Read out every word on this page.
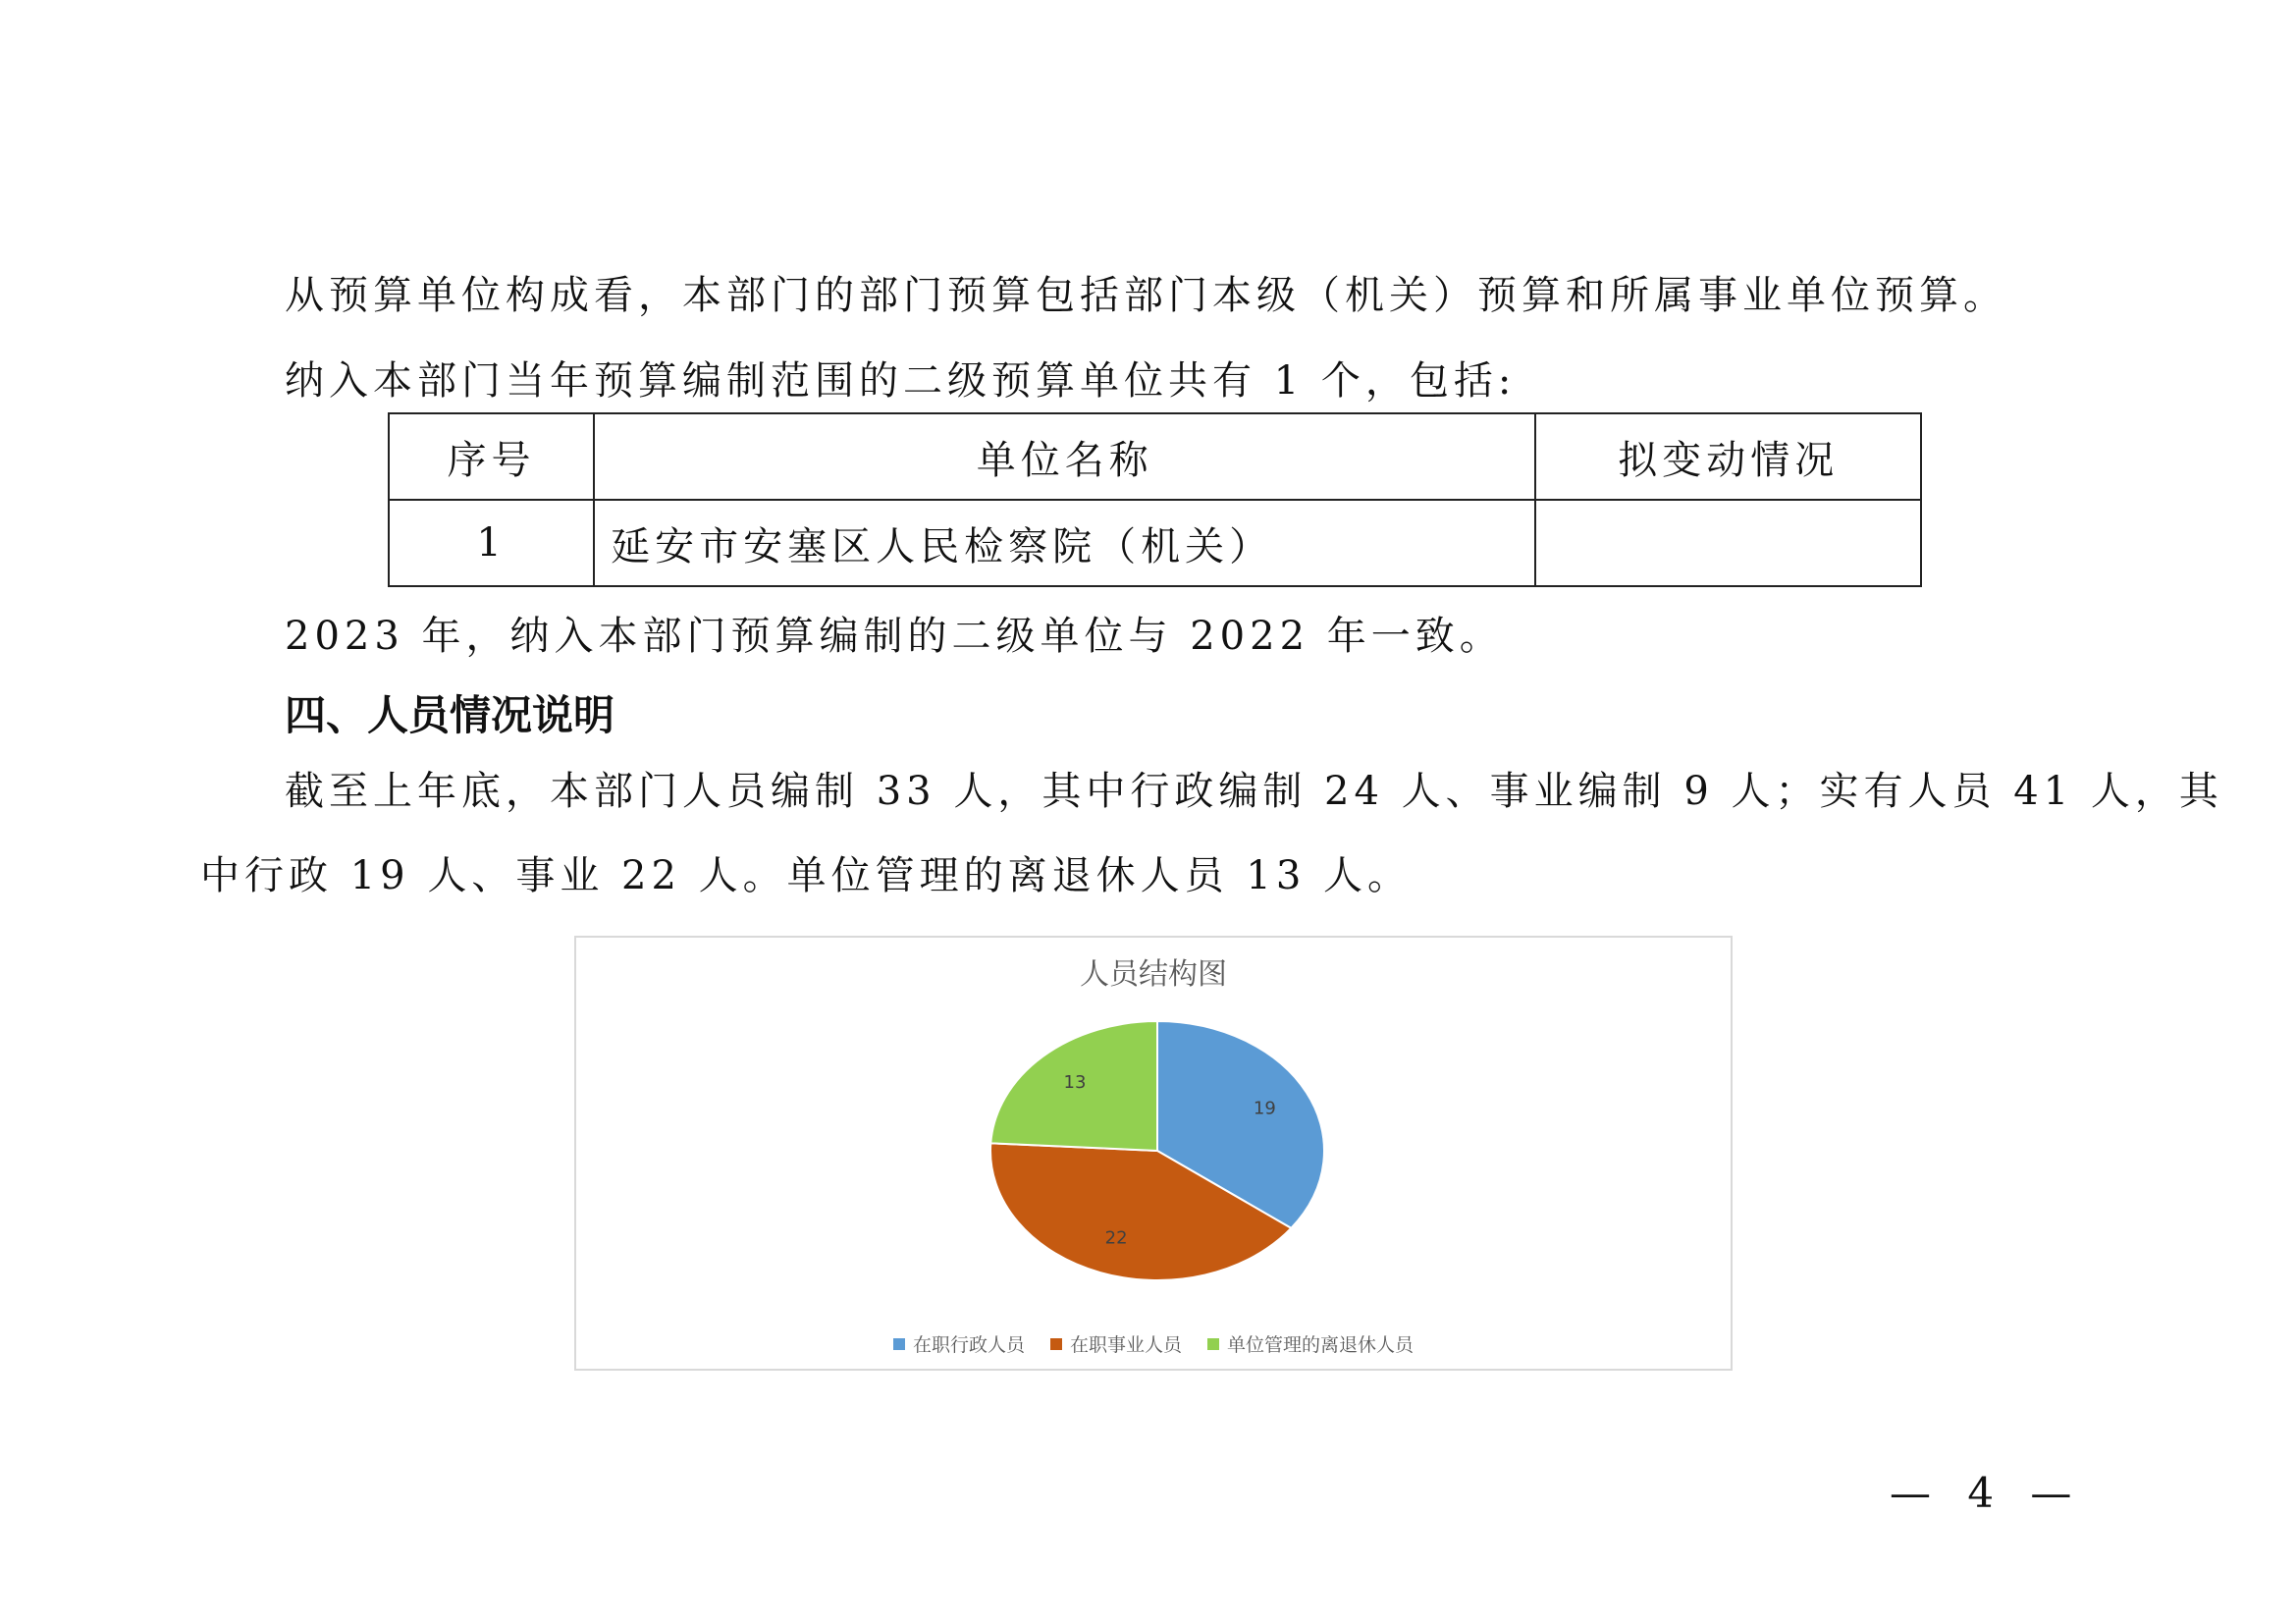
从预算单位构成看，本部门的部门预算包括部门本级（机关）预算和所属事业单位预算。
纳入本部门当年预算编制范围的二级预算单位共有 1 个，包括:
序号	单位名称	拟变动情况
1	延安市安塞区人民检察院（机关）	
2023 年，纳入本部门预算编制的二级单位与 2022 年一致。
四、人员情况说明
截至上年底，本部门人员编制 33 人，其中行政编制 24 人、事业编制 9 人；实有人员 41 人，其
中行政 19 人、事业 22 人。单位管理的离退休人员 13 人。
人员结构图
19
22
13
在职行政人员 在职事业人员 单位管理的离退休人员
— 4 —
